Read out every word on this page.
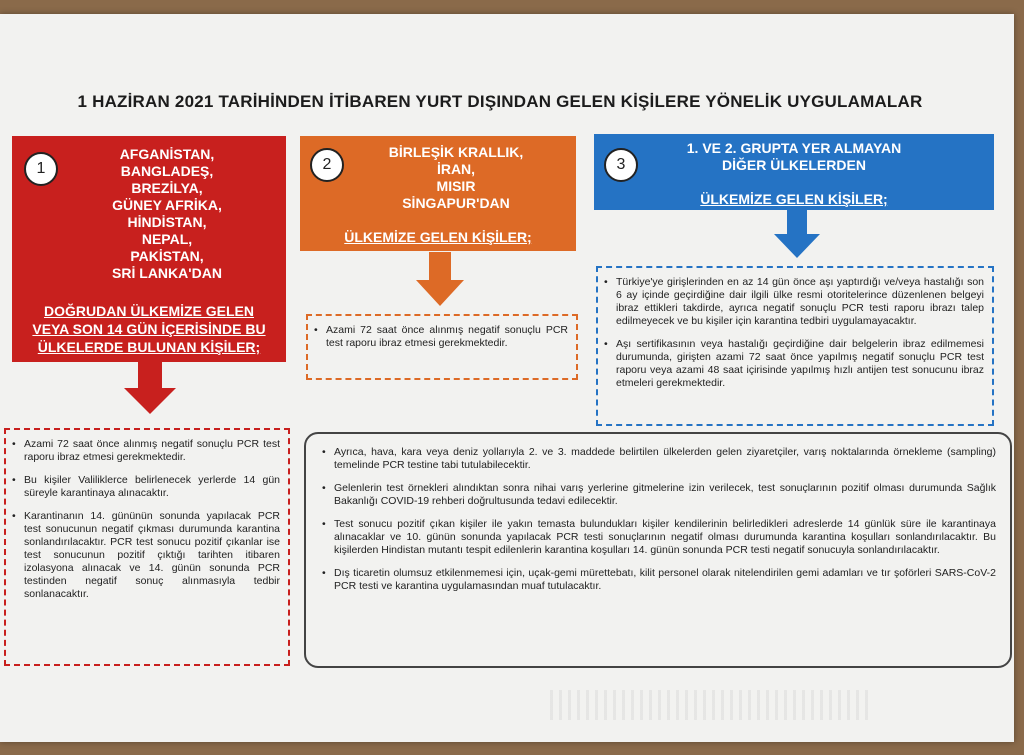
1 HAZİRAN 2021 TARİHİNDEN İTİBAREN YURT DIŞINDAN GELEN KİŞİLERE YÖNELİK UYGULAMALAR
1
AFGANİSTAN,
BANGLADEŞ,
BREZİLYA,
GÜNEY AFRİKA,
HİNDİSTAN,
NEPAL,
PAKİSTAN,
SRİ LANKA'DAN
DOĞRUDAN ÜLKEMİZE GELEN VEYA SON 14 GÜN İÇERİSİNDE BU ÜLKELERDE BULUNAN KİŞİLER;
2
BİRLEŞİK KRALLIK,
İRAN,
MISIR
SİNGAPUR'DAN
ÜLKEMİZE GELEN KİŞİLER;
3
1. VE 2. GRUPTA YER ALMAYAN
DİĞER ÜLKELERDEN
ÜLKEMİZE GELEN KİŞİLER;

• Azami 72 saat önce alınmış negatif sonuçlu PCR test raporu ibraz etmesi gerekmektedir.

• Bu kişiler Valiliklerce belirlenecek yerlerde 14 gün süreyle karantinaya alınacaktır.

• Karantinanın 14. gününün sonunda yapılacak PCR test sonucunun negatif çıkması durumunda karantina sonlandırılacaktır. PCR test sonucu pozitif çıkanlar ise test sonucunun pozitif çıktığı tarihten itibaren izolasyona alınacak ve 14. günün sonunda PCR testinden negatif sonuç alınmasıyla tedbir sonlanacaktır.

• Azami 72 saat önce alınmış negatif sonuçlu PCR test raporu ibraz etmesi gerekmektedir.

• Türkiye'ye girişlerinden en az 14 gün önce aşı yaptırdığı ve/veya hastalığı son 6 ay içinde geçirdiğine dair ilgili ülke resmi otoritelerince düzenlenen belgeyi ibraz ettikleri takdirde, ayrıca negatif sonuçlu PCR testi raporu ibrazı talep edilmeyecek ve bu kişiler için karantina tedbiri uygulamayacaktır.

• Aşı sertifikasının veya hastalığı geçirdiğine dair belgelerin ibraz edilmemesi durumunda, girişten azami 72 saat önce yapılmış negatif sonuçlu PCR test raporu veya azami 48 saat içirisinde yapılmış hızlı antijen test sonucunu ibraz etmeleri gerekmektedir.

• Ayrıca, hava, kara veya deniz yollarıyla 2. ve 3. maddede belirtilen ülkelerden gelen ziyaretçiler, varış noktalarında örnekleme (sampling) temelinde PCR testine tabi tutulabilecektir.

• Gelenlerin test örnekleri alındıktan sonra nihai varış yerlerine gitmelerine izin verilecek, test sonuçlarının pozitif olması durumunda Sağlık Bakanlığı COVID-19 rehberi doğrultusunda tedavi edilecektir.

• Test sonucu pozitif çıkan kişiler ile yakın temasta bulundukları kişiler kendilerinin belirledikleri adreslerde 14 günlük süre ile karantinaya alınacaklar ve 10. günün sonunda yapılacak PCR testi sonuçlarının negatif olması durumunda karantina koşulları sonlandırılacaktır. Bu kişilerden Hindistan mutantı tespit edilenlerin karantina koşulları 14. günün sonunda PCR testi negatif sonucuyla sonlandırılacaktır.

• Dış ticaretin olumsuz etkilenmemesi için, uçak-gemi mürettebatı, kilit personel olarak nitelendirilen gemi adamları ve tır şoförleri SARS-CoV-2 PCR testi ve karantina uygulamasından muaf tutulacaktır.
